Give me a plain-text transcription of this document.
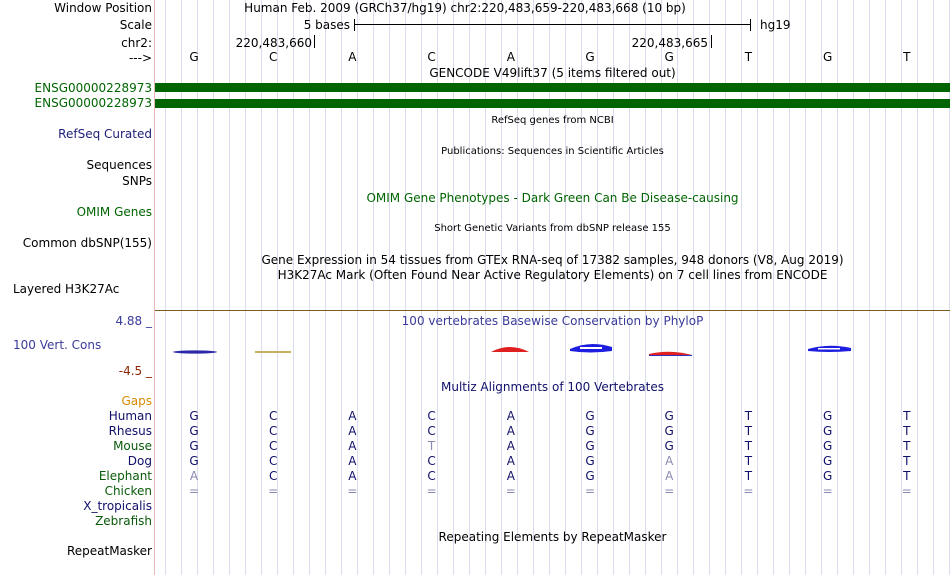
Window Position	Human Feb. 2009 (GRCh37/hg19) chr2:220,483,659-220,483,668 (10 bp)
Scale	5 bases	hg19
chr2:	220,483,660	220,483,665
--->	G	C	A	C	A	G	G	T	G	T
GENCODE V49lift37 (5 items filtered out)
ENSG00000228973
ENSG00000228973
RefSeq genes from NCBI
RefSeq Curated
Publications: Sequences in Scientific Articles
Sequences
SNPs
OMIM Gene Phenotypes - Dark Green Can Be Disease-causing
OMIM Genes
Short Genetic Variants from dbSNP release 155
Common dbSNP(155)
Gene Expression in 54 tissues from GTEx RNA-seq of 17382 samples, 948 donors (V8, Aug 2019)
H3K27Ac Mark (Often Found Near Active Regulatory Elements) on 7 cell lines from ENCODE
Layered H3K27Ac
4.88 _	100 vertebrates Basewise Conservation by PhyloP
100 Vert. Cons
-4.5 _
Multiz Alignments of 100 Vertebrates
Gaps
Human	G	C	A	C	A	G	G	T	G	T
Rhesus	G	C	A	C	A	G	G	T	G	T
Mouse	G	C	A	T	A	G	G	T	G	T
Dog	G	C	A	C	A	G	A	T	G	T
Elephant	A	C	A	C	A	G	A	T	G	T
Chicken	=	=	=	=	=	=	=	=	=	=
X_tropicalis
Zebrafish
Repeating Elements by RepeatMasker
RepeatMasker
